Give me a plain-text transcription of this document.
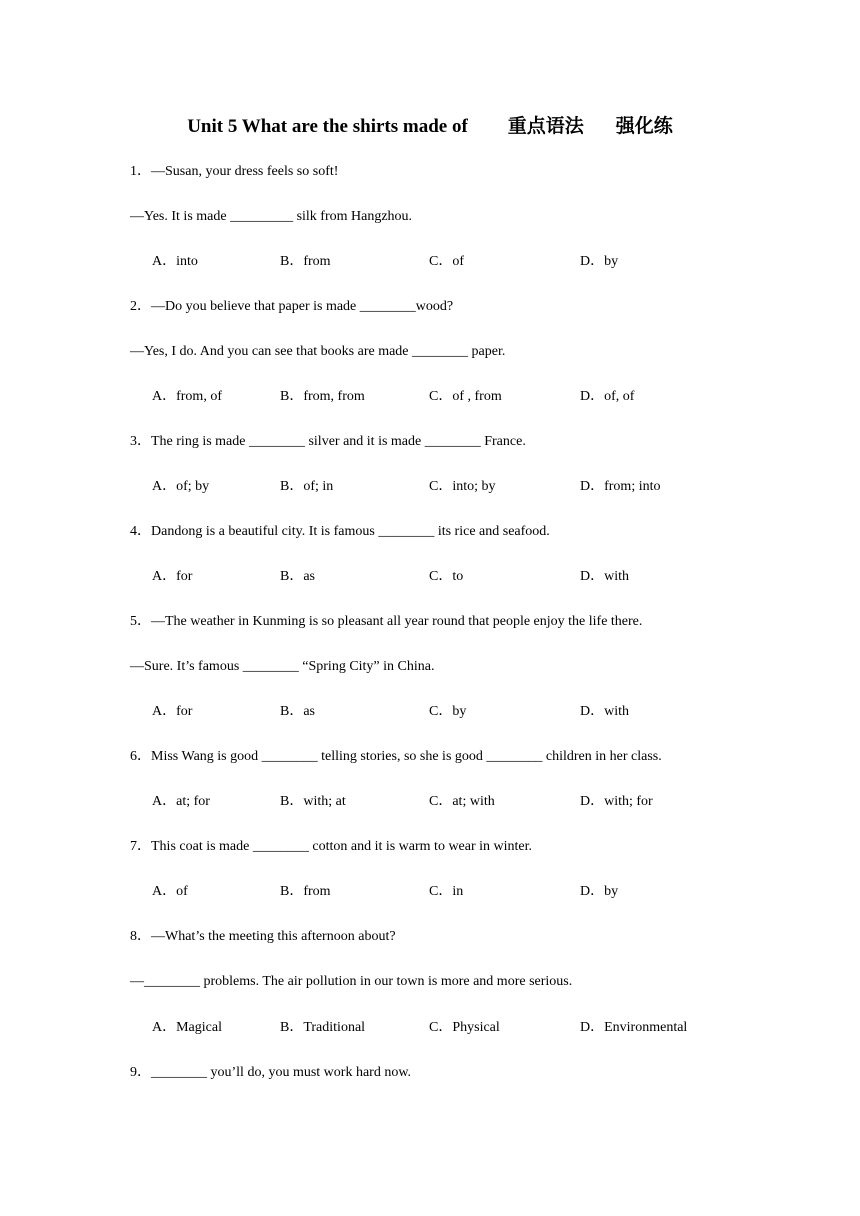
Unit 5 What are the shirts made of 重点语法 强化练
1．—Susan, your dress feels so soft!
—Yes. It is made _________ silk from Hangzhou.
A．into	B．from	C．of	D．by
2．—Do you believe that paper is made ________wood?
—Yes, I do. And you can see that books are made ________ paper.
A．from, of	B．from, from	C．of , from	D．of, of
3．The ring is made ________ silver and it is made ________ France.
A．of; by	B．of; in	C．into; by	D．from; into
4．Dandong is a beautiful city. It is famous ________ its rice and seafood.
A．for	B．as	C．to	D．with
5．—The weather in Kunming is so pleasant all year round that people enjoy the life there.
—Sure. It’s famous ________ “Spring City” in China.
A．for	B．as	C．by	D．with
6．Miss Wang is good ________ telling stories, so she is good ________ children in her class.
A．at; for	B．with; at	C．at; with	D．with; for
7．This coat is made ________ cotton and it is warm to wear in winter.
A．of	B．from	C．in	D．by
8．—What’s the meeting this afternoon about?
—________ problems. The air pollution in our town is more and more serious.
A．Magical	B．Traditional	C．Physical	D．Environmental
9．________ you’ll do, you must work hard now.
